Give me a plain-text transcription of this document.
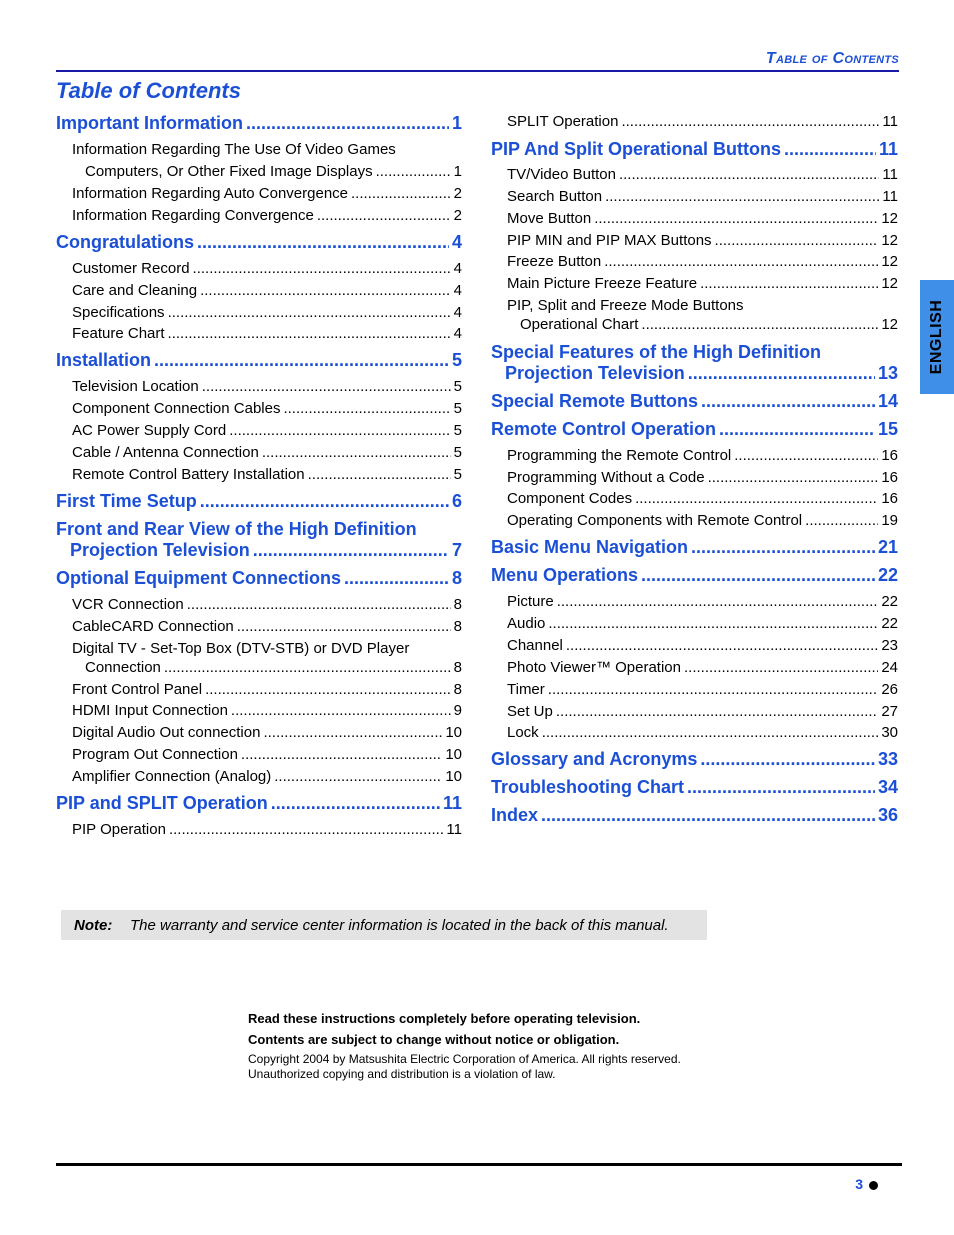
Table of Contents
Table of Contents
Important Information .....	1
Information Regarding The Use Of Video Games
Computers, Or Other Fixed Image Displays .....	1
Information Regarding Auto Convergence .....	2
Information Regarding Convergence .....	2
Congratulations .....	4
Customer Record .....	4
Care and Cleaning .....	4
Specifications .....	4
Feature Chart .....	4
Installation .....	5
Television Location .....	5
Component Connection Cables .....	5
AC Power Supply Cord .....	5
Cable / Antenna Connection .....	5
Remote Control Battery Installation .....	5
First Time Setup .....	6
Front and Rear View of the High Definition
Projection Television .....	7
Optional Equipment Connections .....	8
VCR Connection .....	8
CableCARD Connection .....	8
Digital TV - Set-Top Box (DTV-STB) or DVD Player
Connection .....	8
Front Control Panel .....	8
HDMI Input Connection .....	9
Digital Audio Out connection .....	10
Program Out Connection .....	10
Amplifier Connection (Analog) .....	10
PIP and SPLIT Operation .....	11
PIP Operation .....	11
SPLIT Operation .....	11
PIP And Split Operational Buttons .....	11
TV/Video Button .....	11
Search Button .....	11
Move Button .....	12
PIP MIN and PIP MAX Buttons .....	12
Freeze Button .....	12
Main Picture Freeze Feature .....	12
PIP, Split and Freeze Mode Buttons
Operational Chart .....	12
Special Features of the High Definition
Projection Television .....	13
Special Remote Buttons .....	14
Remote Control Operation .....	15
Programming the Remote Control .....	16
Programming Without a Code .....	16
Component Codes .....	16
Operating Components with Remote Control .....	19
Basic Menu Navigation .....	21
Menu Operations .....	22
Picture .....	22
Audio .....	22
Channel .....	23
Photo Viewer™ Operation .....	24
Timer .....	26
Set Up .....	27
Lock .....	30
Glossary and Acronyms .....	33
Troubleshooting Chart .....	34
Index .....	36
ENGLISH
Note:	The warranty and service center information is located in the back of this manual.
Read these instructions completely before operating television.
Contents are subject to change without notice or obligation.
Copyright 2004 by Matsushita Electric Corporation of America. All rights reserved.
Unauthorized copying and distribution is a violation of law.
3
